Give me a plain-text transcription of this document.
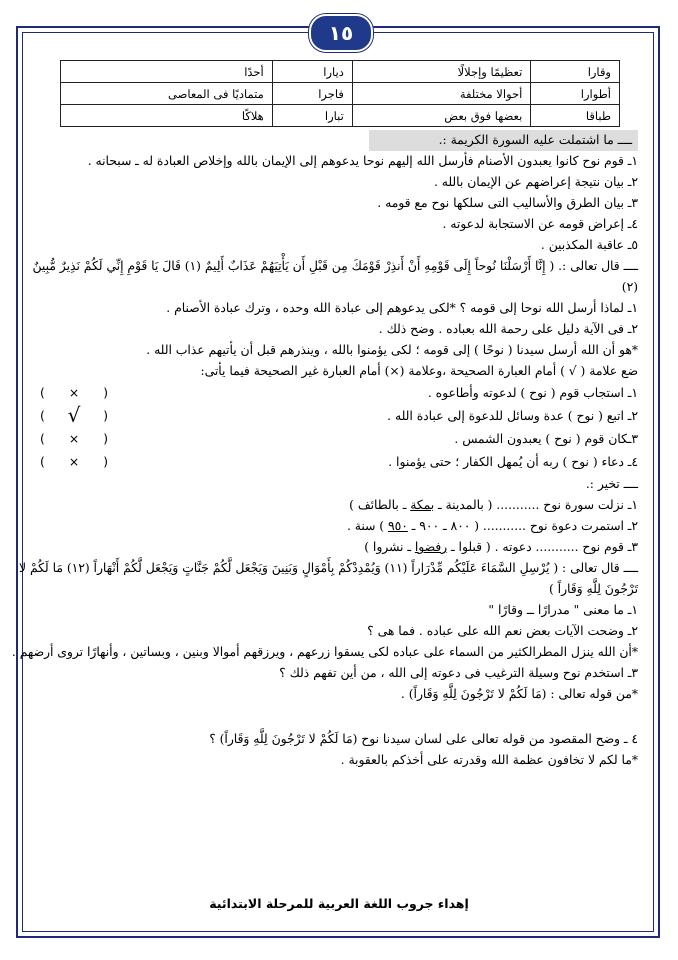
١٥
وقارا	تعظيمًا وإجلالًا	ديارا	أحدًا
أطوارا	أحوالا مختلفة	فاجرا	متماديًا فى المعاصى
طباقا	بعضها فوق بعض	تبارا	هلاكًا
ــــ ما اشتملت عليه السورة الكريمة :.
١ـ قوم نوح كانوا يعبدون الأصنام فأرسل الله إليهم نوحا يدعوهم إلى الإيمان بالله وإخلاص العبادة له ـ سبحانه .
٢ـ بيان نتيجة إعراضهم عن الإيمان بالله .
٣ـ بيان الطرق والأساليب التى سلكها نوح مع قومه .
٤ـ إعراض قومه عن الاستجابة لدعوته .
٥ـ عاقبة المكذبين .
ــــ قال تعالى :. ( إِنَّا أَرْسَلْنَا نُوحاً إِلَى قَوْمِهِ أَنْ أَنذِرْ قَوْمَكَ مِن قَبْلِ أَن يَأْتِيَهُمْ عَذَابٌ أَلِيمٌ (١) قَالَ يَا قَوْمِ إِنِّي لَكُمْ نَذِيرٌ مُّبِينٌ
(٢)
١ـ لماذا أرسل الله نوحا إلى قومه ؟ *لكى يدعوهم إلى عبادة الله وحده ، وترك عبادة الأصنام .
٢ـ فى الآية دليل على رحمة الله بعباده . وضح ذلك .
*هو أن الله أرسل سيدنا ( نوحًا ) إلى قومه ؛ لكى يؤمنوا بالله ، وينذرهم قبل أن يأتيهم عذاب الله .
ضع علامة ( √ ) أمام العبارة الصحيحة ،وعلامة (×) أمام العبارة غير الصحيحة فيما يأتى:
١ـ استجاب قوم ( نوح ) لدعوته وأطاعوه .
( × )
٢ـ اتبع ( نوح ) عدة وسائل للدعوة إلى عبادة الله .
( √ )
٣ـكان قوم ( نوح ) يعبدون الشمس .
( × )
٤ـ دعاء ( نوح ) ربه أن يُمهل الكفار ؛ حتى يؤمنوا .
( × )
ــــ تخير :.
١ـ نزلت سورة نوح ........... ( بالمدينة ـ بمكة ـ بالطائف )
٢ـ استمرت دعوة نوح ........... ( ٨٠٠ ـ ٩٠٠ ـ ٩٥٠ ) سنة .
٣ـ قوم نوح ........... دعوته . ( قبلوا ـ رفضوا ـ نشروا )
ــــ قال تعالى : ( يُرْسِلِ السَّمَاءَ عَلَيْكُم مِّدْرَاراً (١١) وَيُمْدِدْكُمْ بِأَمْوَالٍ وَبَنِينَ وَيَجْعَل لَّكُمْ جَنَّاتٍ وَيَجْعَل لَّكُمْ أَنْهَاراً (١٢) مَا لَكُمْ لا
تَرْجُونَ لِلَّهِ وَقَاراً )
١ـ ما معنى " مدرارًا ــ وقارًا "
٢ـ وضحت الآيات بعض نعم الله على عباده . فما هى ؟
*أن الله ينزل المطرالكثير من السماء على عباده لكى يسقوا زرعهم ، ويرزقهم أموالا وبنين ، وبساتين ، وأنهارًا تروى أرضهم .
٣ـ استخدم نوح وسيلة الترغيب فى دعوته إلى الله ، من أين تفهم ذلك ؟
*من قوله تعالى : (مَا لَكُمْ لا تَرْجُونَ لِلَّهِ وَقَاراً) .
٤ ـ وضح المقصود من قوله تعالى على لسان سيدنا نوح (مَا لَكُمْ لا تَرْجُونَ لِلَّهِ وَقَاراً) ؟
*ما لكم لا تخافون عظمة الله وقدرته على أخذكم بالعقوبة .
إهداء جروب اللغة العربية للمرحلة الابتدائية
